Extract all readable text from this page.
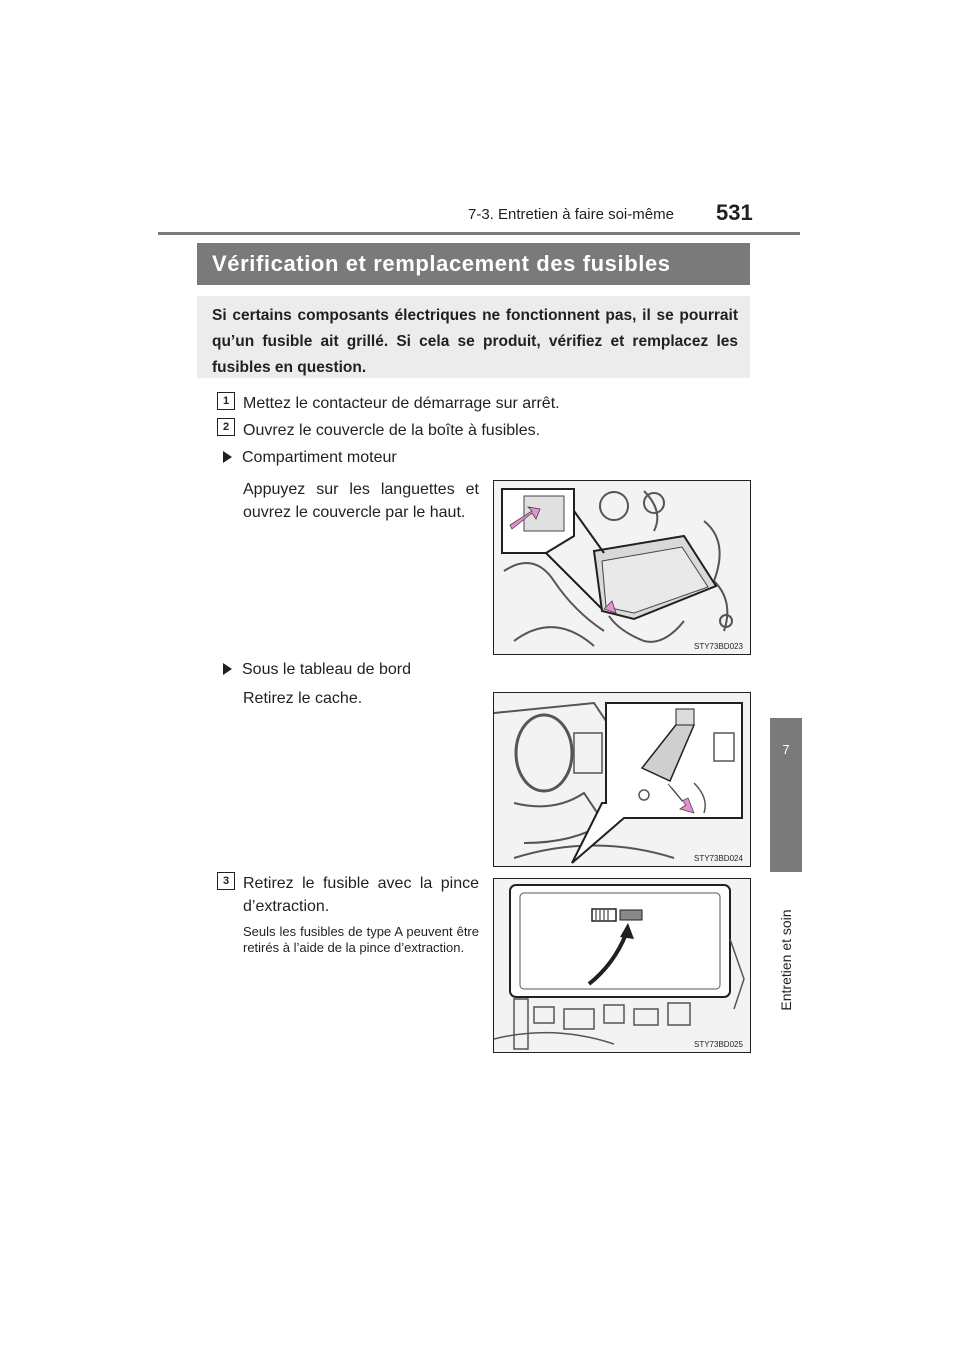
7-3. Entretien à faire soi-même 531
7
Entretien et soin
Vérification et remplacement des fusibles
Si certains composants électriques ne fonctionnent pas, il se pourrait qu’un fusible ait grillé. Si cela se produit, vérifiez et remplacez les fusibles en question.
1 Mettez le contacteur de démarrage sur arrêt.
2 Ouvrez le couvercle de la boîte à fusibles.
Compartiment moteur
Appuyez sur les languettes et ouvrez le couvercle par le haut.
STY73BD023
Sous le tableau de bord
Retirez le cache.
STY73BD024
3 Retirez le fusible avec la pince d’extraction.
Seuls les fusibles de type A peuvent être retirés à l’aide de la pince d’extraction.
STY73BD025
